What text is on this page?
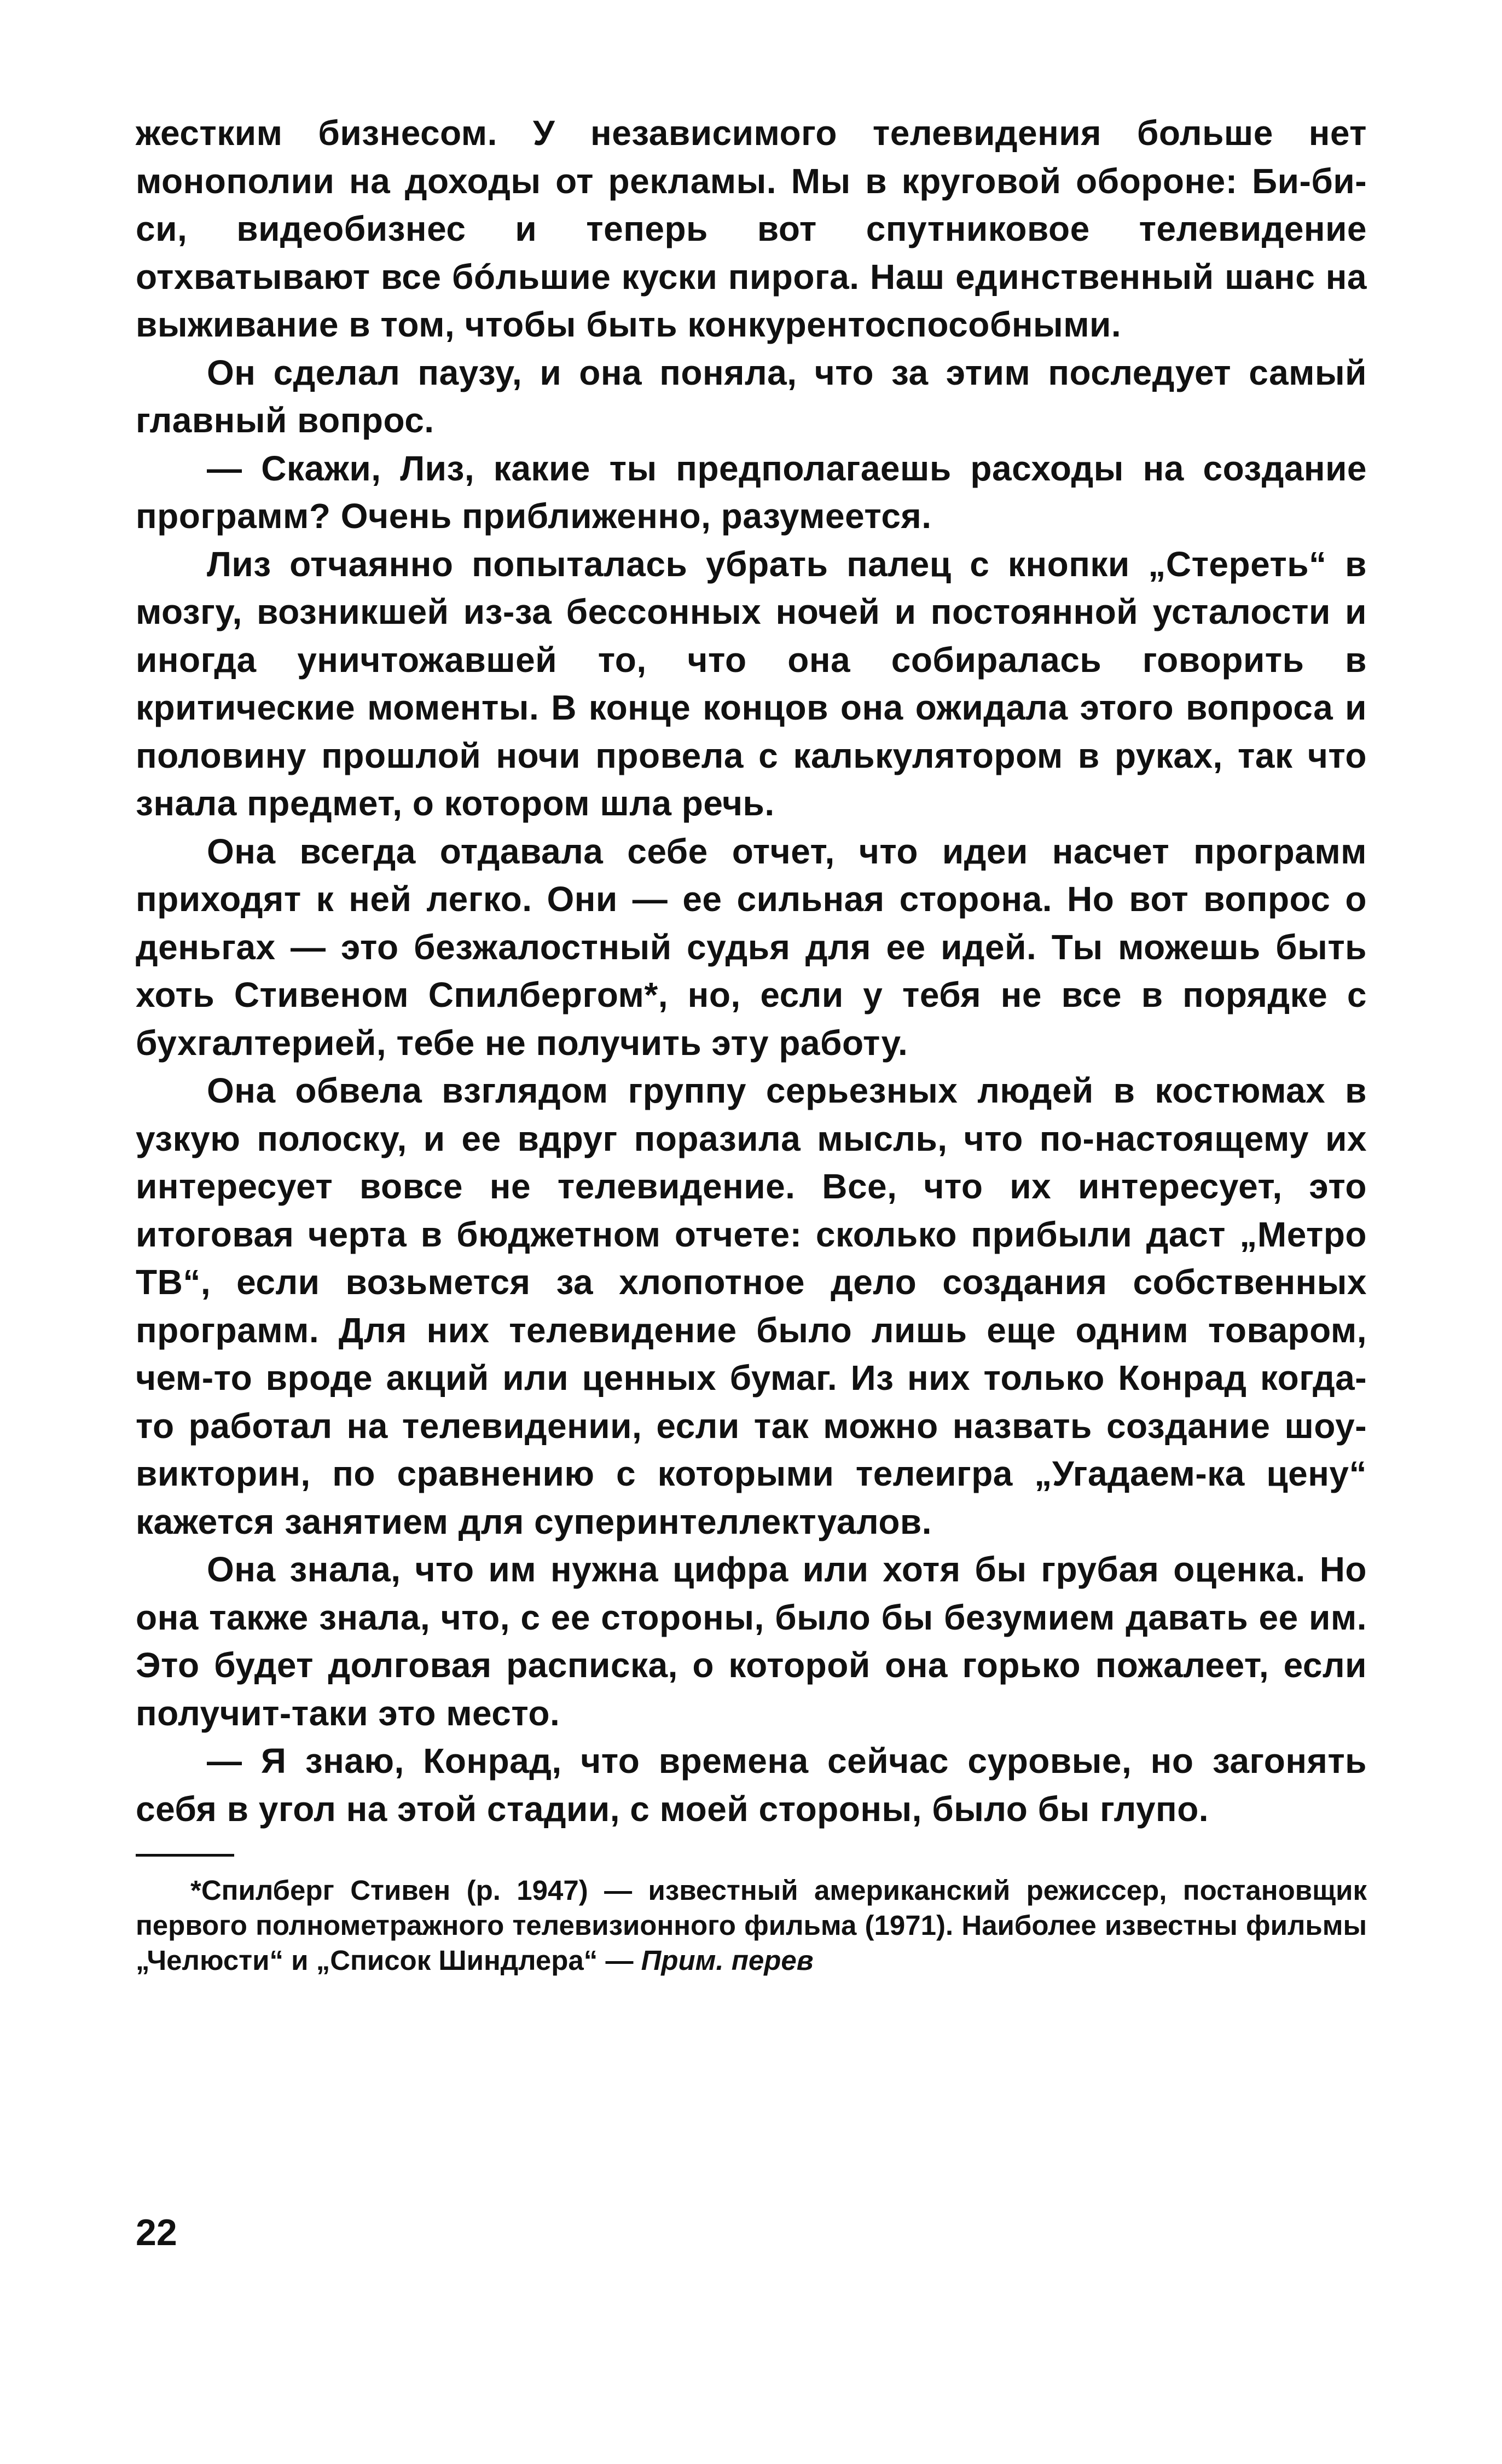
жестким бизнесом. У независимого телевидения больше нет монополии на доходы от рекламы. Мы в круговой обороне: Би-би-си, видеобизнес и теперь вот спутниковое телевидение отхватывают все бóльшие куски пирога. Наш единственный шанс на выживание в том, чтобы быть конкурентоспособными.

Он сделал паузу, и она поняла, что за этим последует самый главный вопрос.

— Скажи, Лиз, какие ты предполагаешь расходы на создание программ? Очень приближенно, разумеется.

Лиз отчаянно попыталась убрать палец с кнопки „Стереть“ в мозгу, возникшей из-за бессонных ночей и постоянной усталости и иногда уничтожавшей то, что она собиралась говорить в критические моменты. В конце концов она ожидала этого вопроса и половину прошлой ночи провела с калькулятором в руках, так что знала предмет, о котором шла речь.

Она всегда отдавала себе отчет, что идеи насчет программ приходят к ней легко. Они — ее сильная сторона. Но вот вопрос о деньгах — это безжалостный судья для ее идей. Ты можешь быть хоть Стивеном Спилбергом*, но, если у тебя не все в порядке с бухгалтерией, тебе не получить эту работу.

Она обвела взглядом группу серьезных людей в костюмах в узкую полоску, и ее вдруг поразила мысль, что по-настоящему их интересует вовсе не телевидение. Все, что их интересует, это итоговая черта в бюджетном отчете: сколько прибыли даст „Метро ТВ“, если возьмется за хлопотное дело создания собственных программ. Для них телевидение было лишь еще одним товаром, чем-то вроде акций или ценных бумаг. Из них только Конрад когда-то работал на телевидении, если так можно назвать создание шоу-викторин, по сравнению с которыми телеигра „Угадаем-ка цену“ кажется занятием для суперинтеллектуалов.

Она знала, что им нужна цифра или хотя бы грубая оценка. Но она также знала, что, с ее стороны, было бы безумием давать ее им. Это будет долговая расписка, о которой она горько пожалеет, если получит-таки это место.

— Я знаю, Конрад, что времена сейчас суровые, но загонять себя в угол на этой стадии, с моей стороны, было бы глупо.

*Спилберг Стивен (р. 1947) — известный американский режиссер, постановщик первого полнометражного телевизионного фильма (1971). Наиболее известны фильмы „Челюсти“ и „Список Шиндлера“ — Прим. перев

22
